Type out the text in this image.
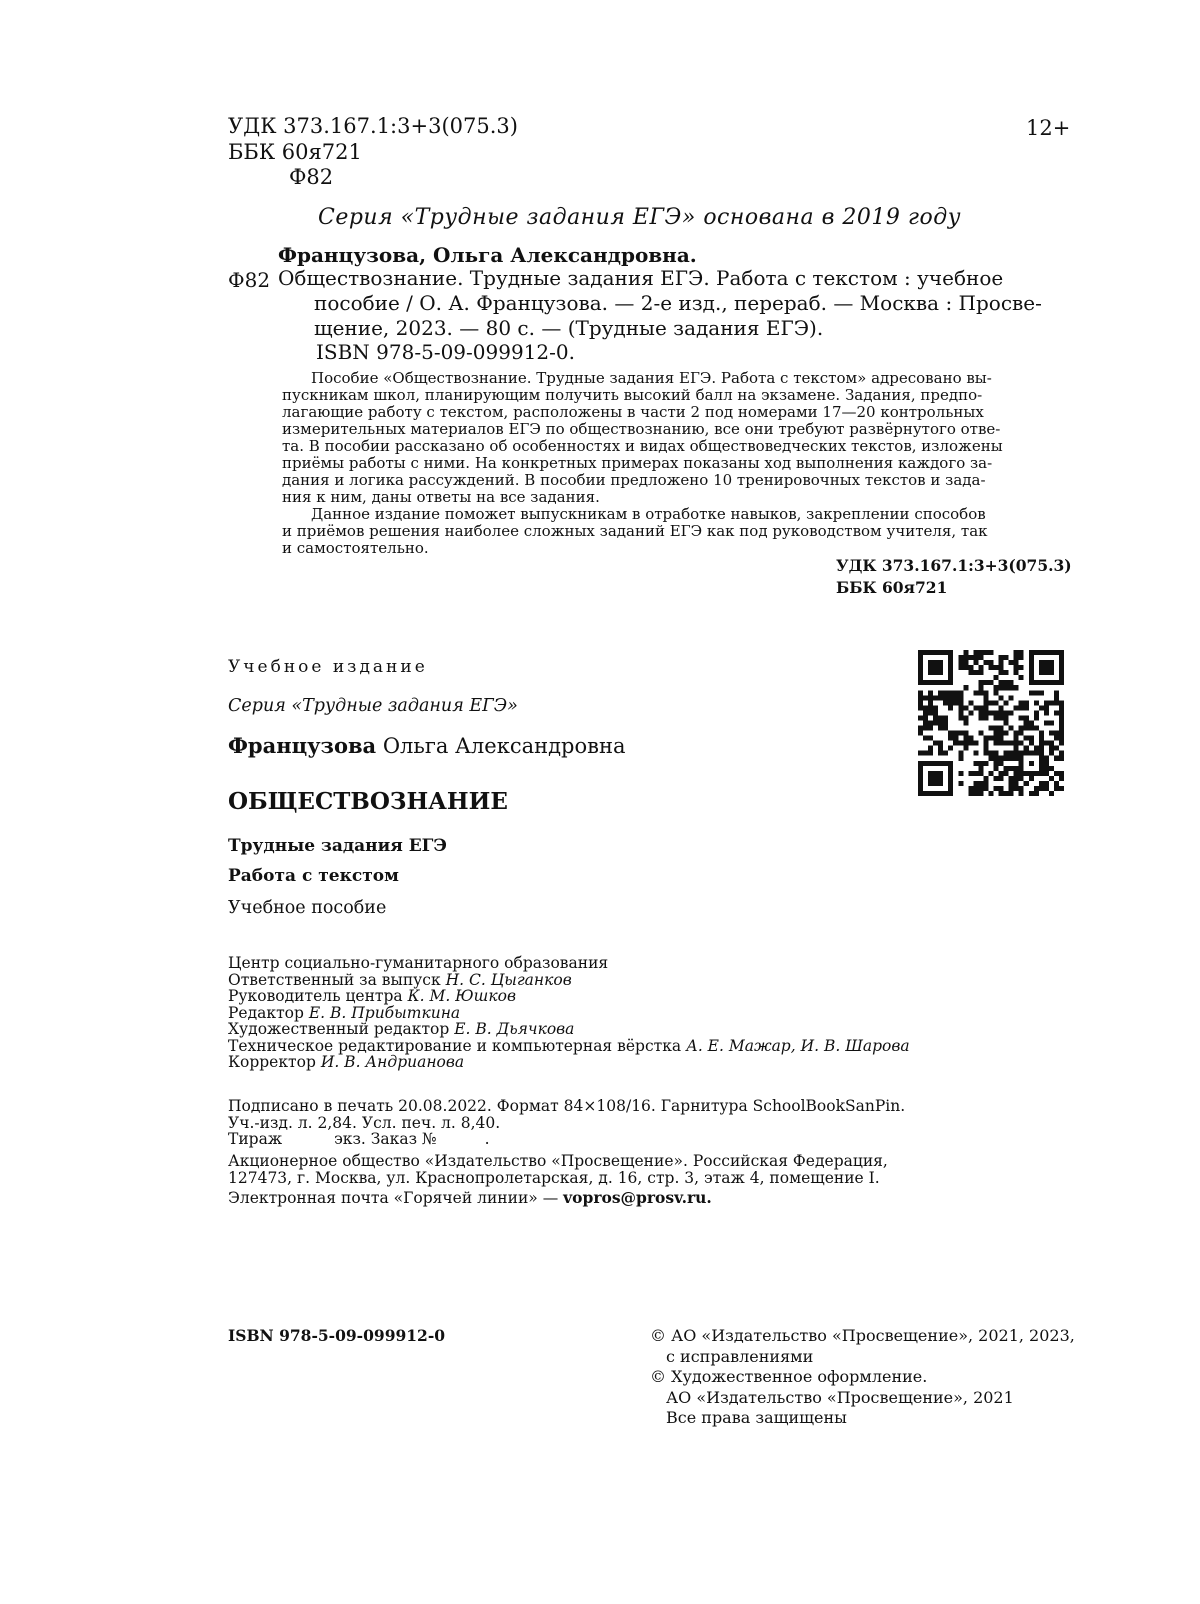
УДК 373.167.1:3+3(075.3)
ББК 60я721
Ф82
12+
Серия «Трудные задания ЕГЭ» основана в 2019 году
Французова, Ольга Александровна.
Ф82 Обществознание. Трудные задания ЕГЭ. Работа с текстом : учебное
пособие / О. А. Французова. — 2-е изд., перераб. — Москва : Просве-
щение, 2023. — 80 с. — (Трудные задания ЕГЭ).
ISBN 978-5-09-099912-0.
Пособие «Обществознание. Трудные задания ЕГЭ. Работа с текстом» адресовано вы-
пускникам школ, планирующим получить высокий балл на экзамене. Задания, предпо-
лагающие работу с текстом, расположены в части 2 под номерами 17—20 контрольных
измерительных материалов ЕГЭ по обществознанию, все они требуют развёрнутого отве-
та. В пособии рассказано об особенностях и видах обществоведческих текстов, изложены
приёмы работы с ними. На конкретных примерах показаны ход выполнения каждого за-
дания и логика рассуждений. В пособии предложено 10 тренировочных текстов и зада-
ния к ним, даны ответы на все задания.
Данное издание поможет выпускникам в отработке навыков, закреплении способов
и приёмов решения наиболее сложных заданий ЕГЭ как под руководством учителя, так
и самостоятельно.
УДК 373.167.1:3+3(075.3)
ББК 60я721
Учебное издание
Серия «Трудные задания ЕГЭ»
Французова Ольга Александровна
ОБЩЕСТВОЗНАНИЕ
Трудные задания ЕГЭ
Работа с текстом
Учебное пособие
Центр социально-гуманитарного образования
Ответственный за выпуск Н. С. Цыганков
Руководитель центра К. М. Юшков
Редактор Е. В. Прибыткина
Художественный редактор Е. В. Дьячкова
Техническое редактирование и компьютерная вёрстка А. Е. Мажар, И. В. Шарова
Корректор И. В. Андрианова
Подписано в печать 20.08.2022. Формат 84×108/16. Гарнитура SchoolBookSanPin.
Уч.-изд. л. 2,84. Усл. печ. л. 8,40.
Тираж	экз. Заказ №	.
Акционерное общество «Издательство «Просвещение». Российская Федерация,
127473, г. Москва, ул. Краснопролетарская, д. 16, стр. 3, этаж 4, помещение I.
Электронная почта «Горячей линии» — vopros@prosv.ru.
ISBN 978-5-09-099912-0	© АО «Издательство «Просвещение», 2021, 2023,
с исправлениями
© Художественное оформление.
АО «Издательство «Просвещение», 2021
Все права защищены
